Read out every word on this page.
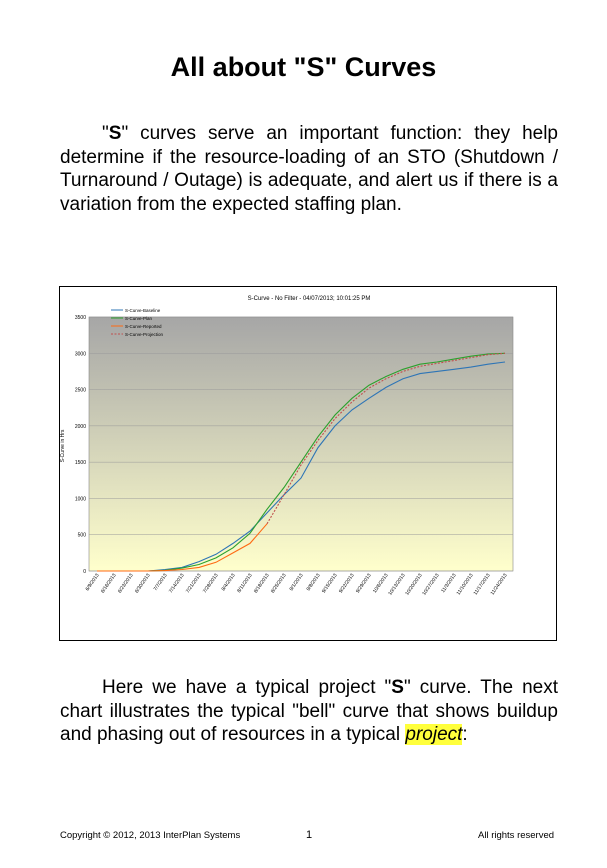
All about "S" Curves
"S" curves serve an important function: they help determine if the resource-loading of an STO (Shutdown / Turnaround / Outage) is adequate, and alert us if there is a variation from the expected staffing plan.
S-Curve - No Filter - 04/07/2013; 10:01:25 PM
0
500
1000
1500
2000
2500
3000
3500
6/9/2013 6/16/2013 6/23/2013 6/30/2013 7/7/2013 7/14/2013 7/21/2013 7/28/2013 8/4/2013 8/11/2013 8/18/2013 8/25/2013 9/1/2013 9/8/2013 9/15/2013 9/22/2013 9/29/2013 10/6/2013
10/13/2013
10/20/2013
10/27/2013 11/3/2013
11/10/2013
11/17/2013
11/24/2013
S-Curve in Hrs
S-Curve-Baseline
S-Curve-Plan
S-Curve-Reported
S-Curve-Projection
Here we have a typical project "S" curve. The next chart illustrates the typical "bell" curve that shows buildup and phasing out of resources in a typical project:
Copyright © 2012, 2013 InterPlan Systems	1	All rights reserved
